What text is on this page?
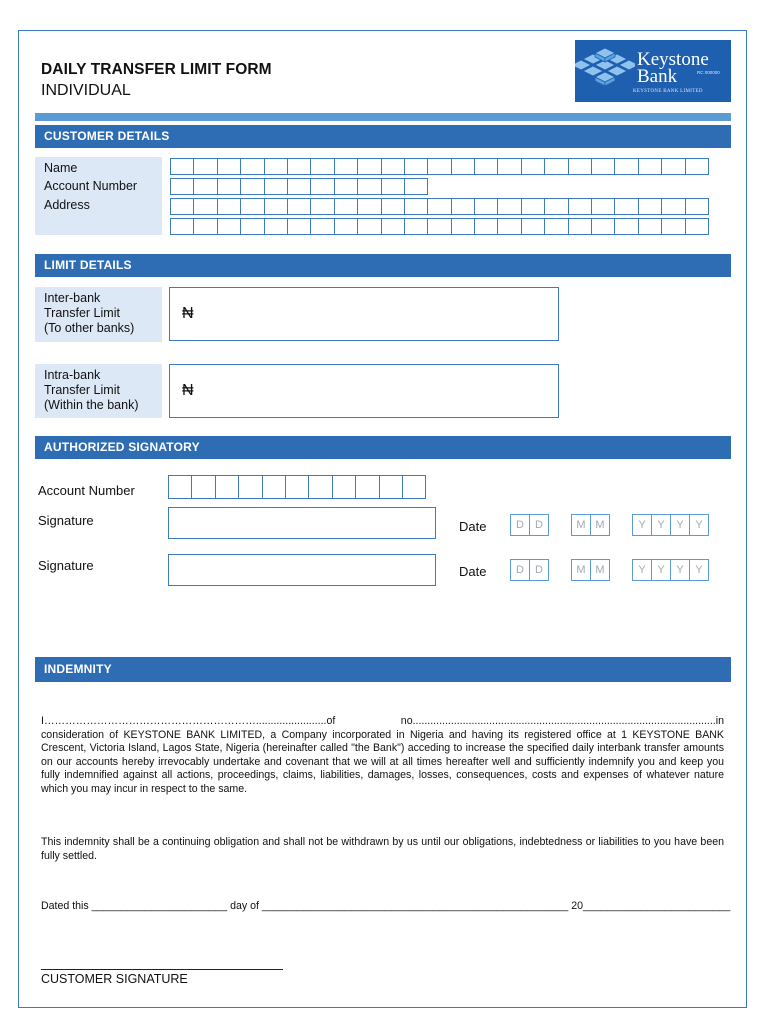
DAILY TRANSFER LIMIT FORM
INDIVIDUAL
Keystone
Bank	RC 000000
KEYSTONE BANK LIMITED
CUSTOMER DETAILS
Name
Account Number
Address
LIMIT DETAILS
Inter-bank
Transfer Limit
(To other banks)
₦
Intra-bank
Transfer Limit
(Within the bank)
₦
AUTHORIZED SIGNATORY
Account Number
Signature	Date	D	D	M M	Y	Y	Y	Y
Signature	Date	D	D	M M	Y	Y	Y	Y
INDEMNITY
I……………………………………………………........................of no.......................................................................................................in consideration of KEYSTONE BANK LIMITED, a Company incorporated in Nigeria and having its registered office at 1 KEYSTONE BANK Crescent, Victoria Island, Lagos State, Nigeria (hereinafter called "the Bank") acceding to increase the specified daily interbank transfer amounts on our accounts hereby irrevocably undertake and covenant that we will at all times hereafter well and sufficiently indemnify you and keep you fully indemnified against all actions, proceedings, claims, liabilities, damages, losses, consequences, costs and expenses of whatever nature which you may incur in respect to the same.
This indemnity shall be a continuing obligation and shall not be withdrawn by us until our obligations, indebtedness or liabilities to you have been fully settled.
Dated this _______________________ day of ____________________________________________________ 20_________________________
CUSTOMER SIGNATURE
